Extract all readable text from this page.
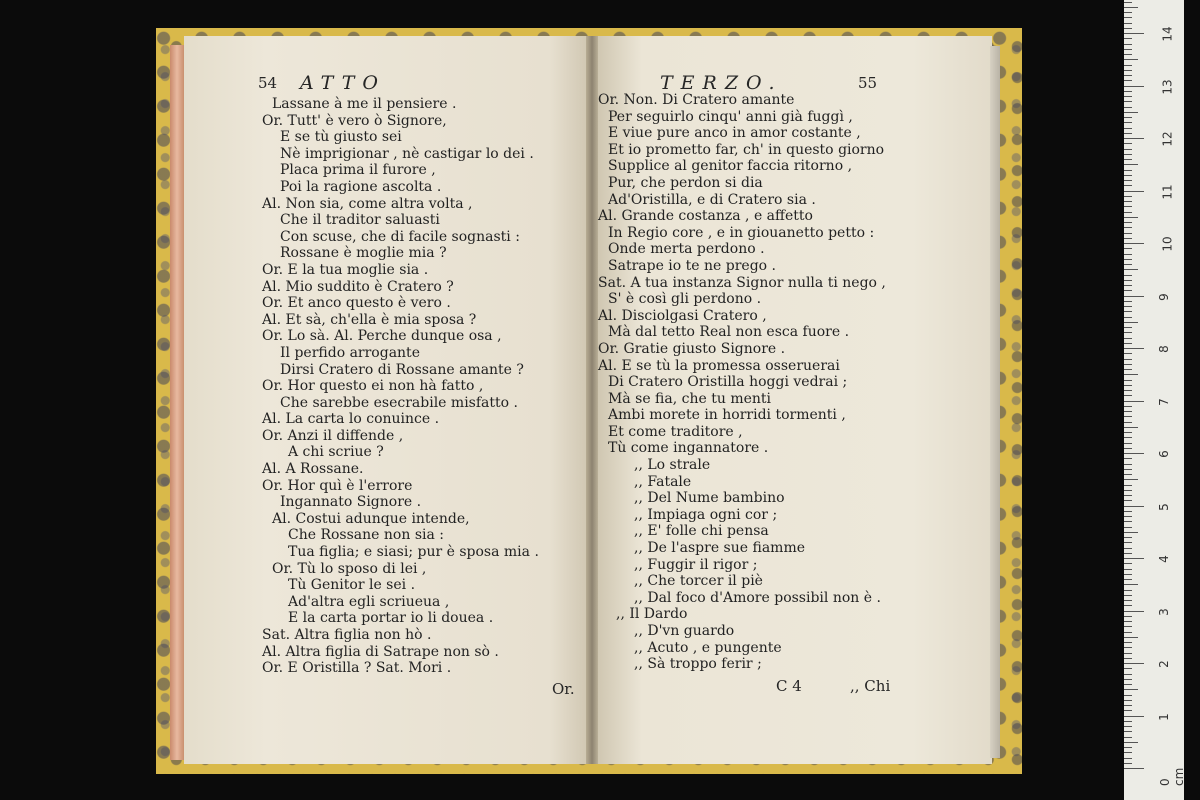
54 ATTO
Lassane à me il pensiere .
Or. Tutt' è vero ò Signore,
E se tù giusto sei
Nè imprigionar , nè castigar lo dei .
Placa prima il furore ,
Poi la ragione ascolta .
Al. Non sia, come altra volta ,
Che il traditor saluasti
Con scuse, che di facile sognasti :
Rossane è moglie mia ?
Or. E la tua moglie sia .
Al. Mio suddito è Cratero ?
Or. Et anco questo è vero .
Al. Et sà, ch'ella è mia sposa ?
Or. Lo sà. Al. Perche dunque osa ,
Il perfido arrogante
Dirsi Cratero di Rossane amante ?
Or. Hor questo ei non hà fatto ,
Che sarebbe esecrabile misfatto .
Al. La carta lo conuince .
Or. Anzi il diffende ,
A chi scriue ?
Al. A Rossane.
Or. Hor quì è l'errore
Ingannato Signore .
Al. Costui adunque intende,
Che Rossane non sia :
Tua figlia; e siasi; pur è sposa mia .
Or. Tù lo sposo di lei ,
Tù Genitor le sei .
Ad'altra egli scriueua ,
E la carta portar io li doueа .
Sat. Altra figlia non hò .
Al. Altra figlia di Satrape non sò .
Or. E Oristilla ? Sat. Mori .
Or.
TERZO.	55
Or. Non. Di Cratero amante
Per seguirlo cinqu' anni già fuggì ,
E viue pure anco in amor costante ,
Et io prometto far, ch' in questo giorno
Supplice al genitor faccia ritorno ,
Pur, che perdon si dia
Ad'Oristilla, e di Cratero sia .
Al. Grande costanza , e affetto
In Regio core , e in giouanetto petto :
Onde merta perdono .
Satrape io te ne prego .
Sat. A tua instanza Signor nulla ti nego ,
S' è così gli perdono .
Al. Disciolgasi Cratero ,
Mà dal tetto Real non esca fuore .
Or. Gratie giusto Signore .
Al. E se tù la promessa osseruerai
Di Cratero Oristilla hoggi vedrai ;
Mà se fia, che tu menti
Ambi morete in horridi tormenti ,
Et come traditore ,
Tù come ingannatore .
,, Lo strale
,, Fatale
,, Del Nume bambino
,, Impiaga ogni cor ;
,, E' folle chi pensa
,, De l'aspre sue fiamme
,, Fuggir il rigor ;
,, Che torcer il piè
,, Dal foco d'Amore possibil non è .
,, Il Dardo
,, D'vn guardo
,, Acuto , e pungente
,, Sà troppo ferir ;
C 4	,, Chi
0 cm
1
2
3
4
5
6
7
8
9
10
11
12
13
14
